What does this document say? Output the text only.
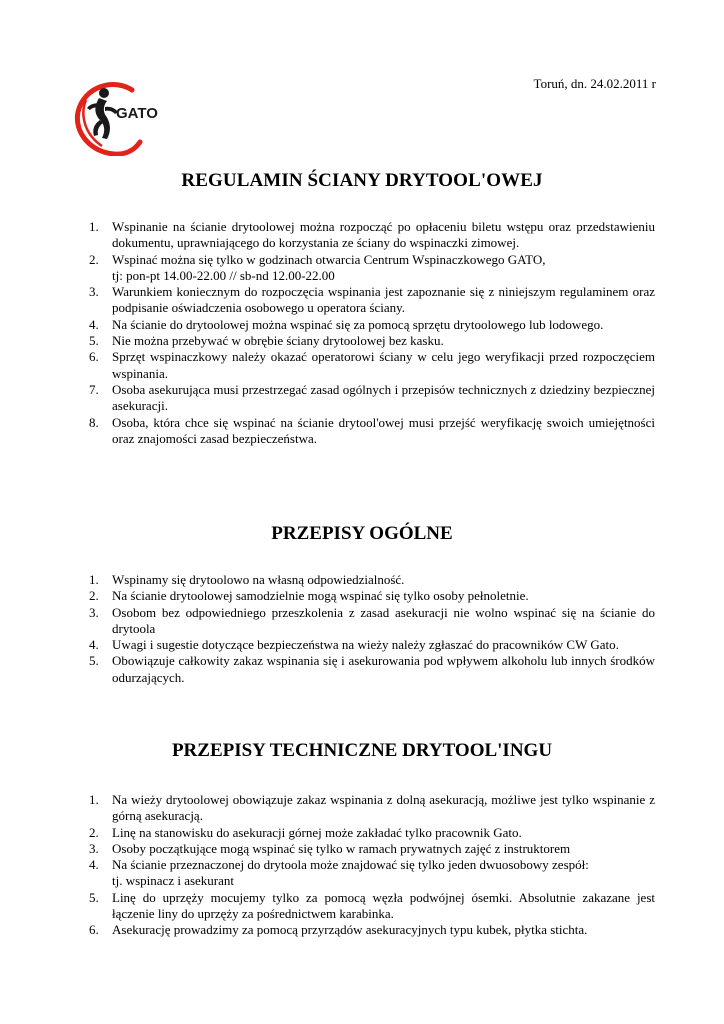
Toruń, dn. 24.02.2011 r
GATO
REGULAMIN ŚCIANY DRYTOOL'OWEJ
1. Wspinanie na ścianie drytoolowej można rozpocząć po opłaceniu biletu wstępu oraz przedstawieniu dokumentu, uprawniającego do korzystania ze ściany do wspinaczki zimowej.
2. Wspinać można się tylko w godzinach otwarcia Centrum Wspinaczkowego GATO,
tj: pon-pt 14.00-22.00 // sb-nd 12.00-22.00
3. Warunkiem koniecznym do rozpoczęcia wspinania jest zapoznanie się z niniejszym regulaminem oraz podpisanie oświadczenia osobowego u operatora ściany.
4. Na ścianie do drytoolowej można wspinać się za pomocą sprzętu drytoolowego lub lodowego.
5. Nie można przebywać w obrębie ściany drytoolowej bez kasku.
6. Sprzęt wspinaczkowy należy okazać operatorowi ściany w celu jego weryfikacji przed rozpoczęciem wspinania.
7. Osoba asekurująca musi przestrzegać zasad ogólnych i przepisów technicznych z dziedziny bezpiecznej asekuracji.
8. Osoba, która chce się wspinać na ścianie drytool'owej musi przejść weryfikację swoich umiejętności oraz znajomości zasad bezpieczeństwa.
PRZEPISY OGÓLNE
1. Wspinamy się drytoolowo na własną odpowiedzialność.
2. Na ścianie drytoolowej samodzielnie mogą wspinać się tylko osoby pełnoletnie.
3. Osobom bez odpowiedniego przeszkolenia z zasad asekuracji nie wolno wspinać się na ścianie do drytoola
4. Uwagi i sugestie dotyczące bezpieczeństwa na wieży należy zgłaszać do pracowników CW Gato.
5. Obowiązuje całkowity zakaz wspinania się i asekurowania pod wpływem alkoholu lub innych środków odurzających.
PRZEPISY TECHNICZNE DRYTOOL'INGU
1. Na wieży drytoolowej obowiązuje zakaz wspinania z dolną asekuracją, możliwe jest tylko wspinanie z górną asekuracją.
2. Linę na stanowisku do asekuracji górnej może zakładać tylko pracownik Gato.
3. Osoby początkujące mogą wspinać się tylko w ramach prywatnych zajęć z instruktorem
4. Na ścianie przeznaczonej do drytoola może znajdować się tylko jeden dwuosobowy zespół:
tj. wspinacz i asekurant
5. Linę do uprzęży mocujemy tylko za pomocą węzła podwójnej ósemki. Absolutnie zakazane jest łączenie liny do uprzęży za pośrednictwem karabinka.
6. Asekurację prowadzimy za pomocą przyrządów asekuracyjnych typu kubek, płytka stichta.
